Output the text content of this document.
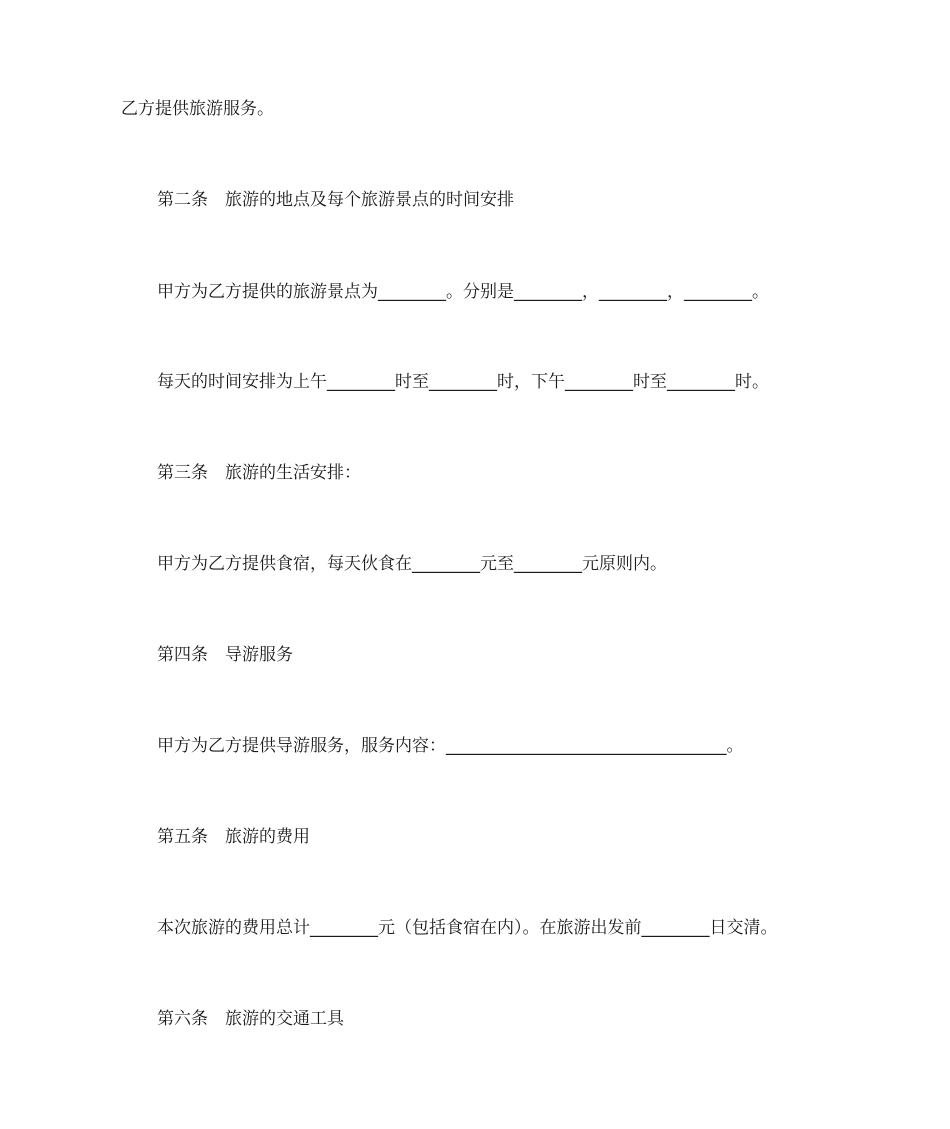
乙方提供旅游服务。
第二条　旅游的地点及每个旅游景点的时间安排
甲方为乙方提供的旅游景点为________。分别是________，________，________。
每天的时间安排为上午________时至________时，下午________时至________时。
第三条　旅游的生活安排：
甲方为乙方提供食宿，每天伙食在________元至________元原则内。
第四条　导游服务
甲方为乙方提供导游服务，服务内容：_________________________________。
第五条　旅游的费用
本次旅游的费用总计________元（包括食宿在内）。在旅游出发前________日交清。
第六条　旅游的交通工具
